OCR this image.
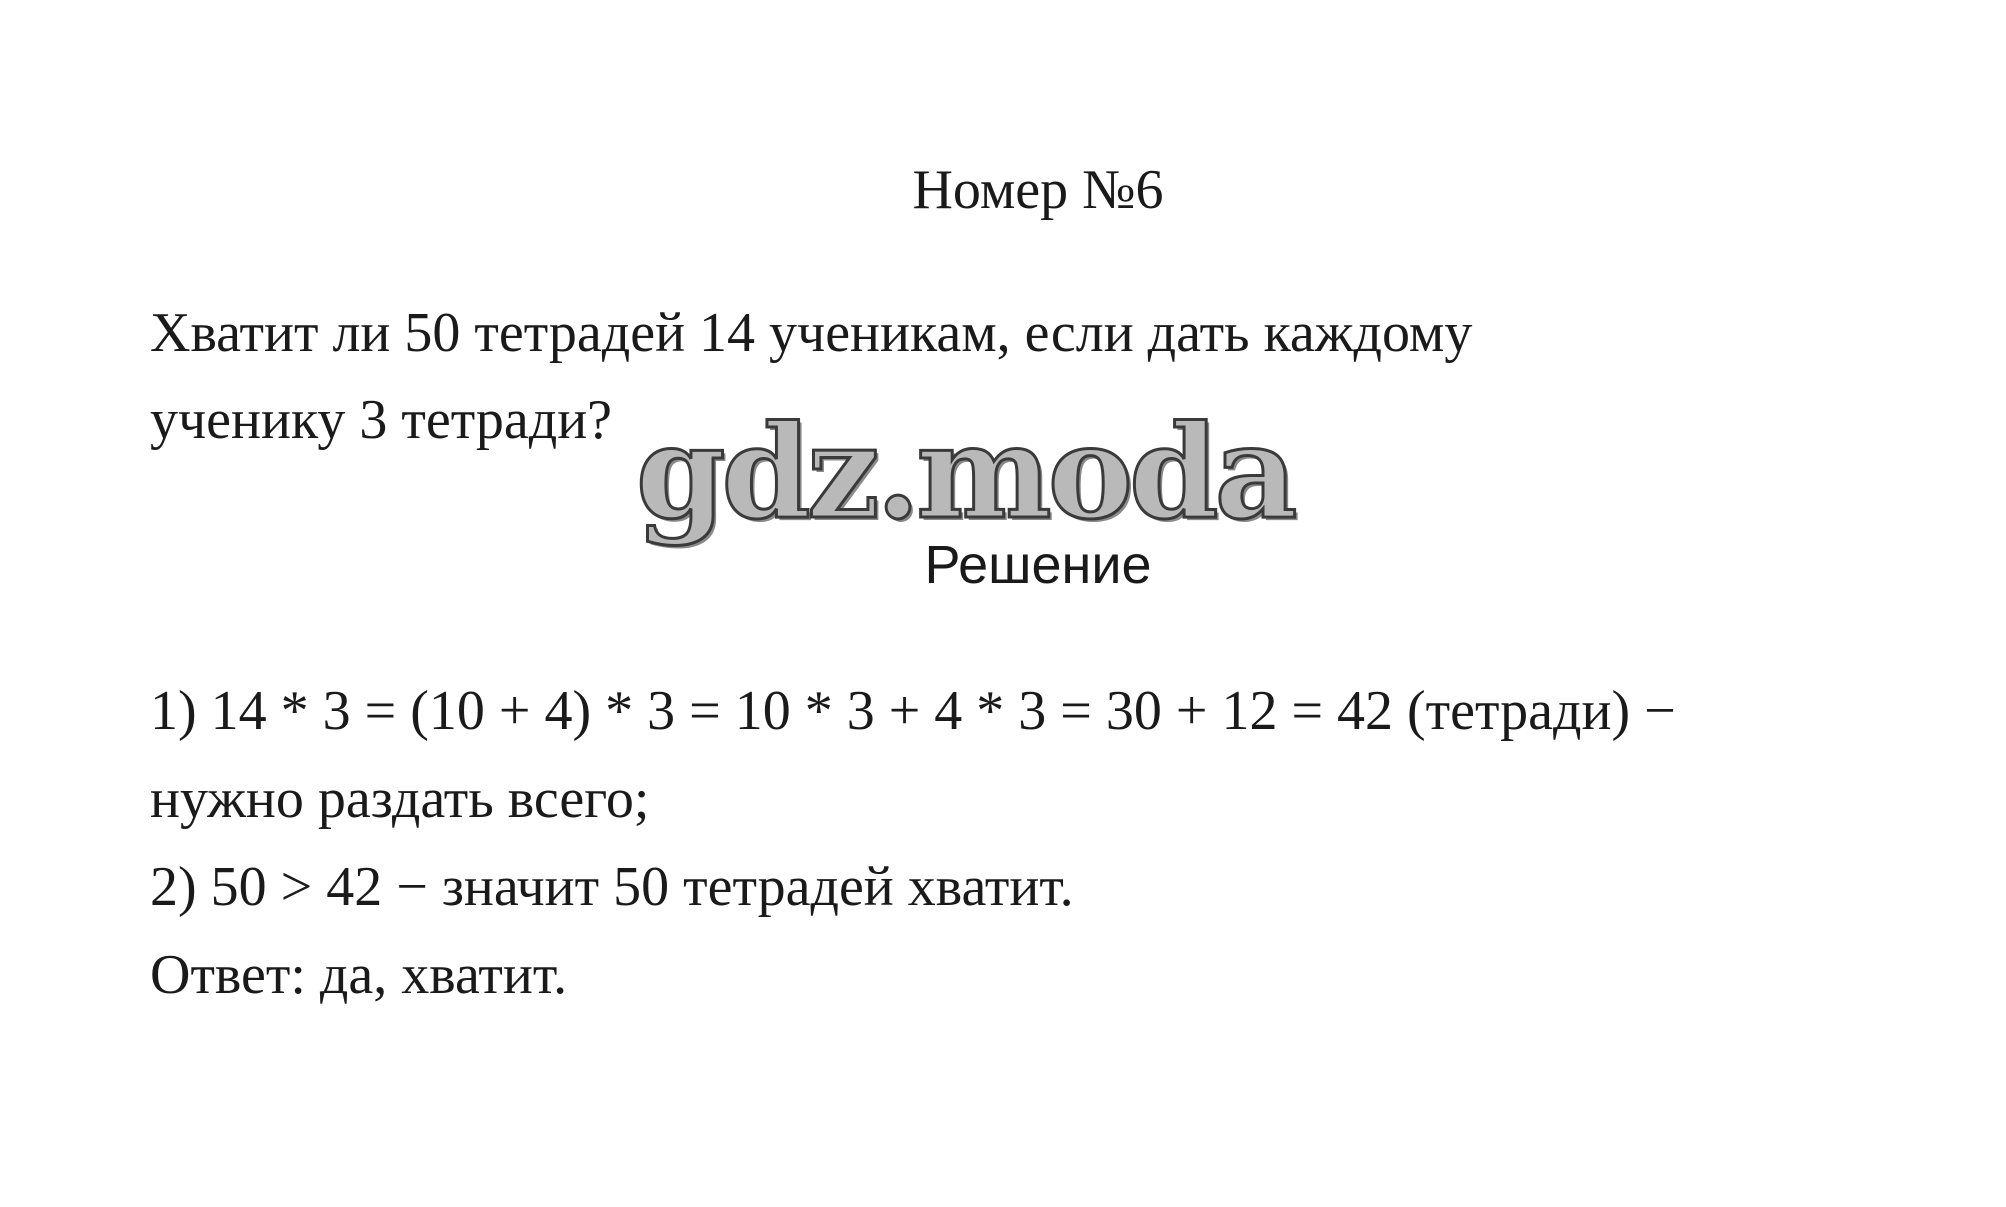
Номер №6
Хватит ли 50 тетрадей 14 ученикам, если дать каждому
ученику 3 тетради? gdz.moda
Решение
1) 14 * 3 = (10 + 4) * 3 = 10 * 3 + 4 * 3 = 30 + 12 = 42 (тетради) −
нужно раздать всего;
2) 50 > 42 − значит 50 тетрадей хватит.
Ответ: да, хватит.
